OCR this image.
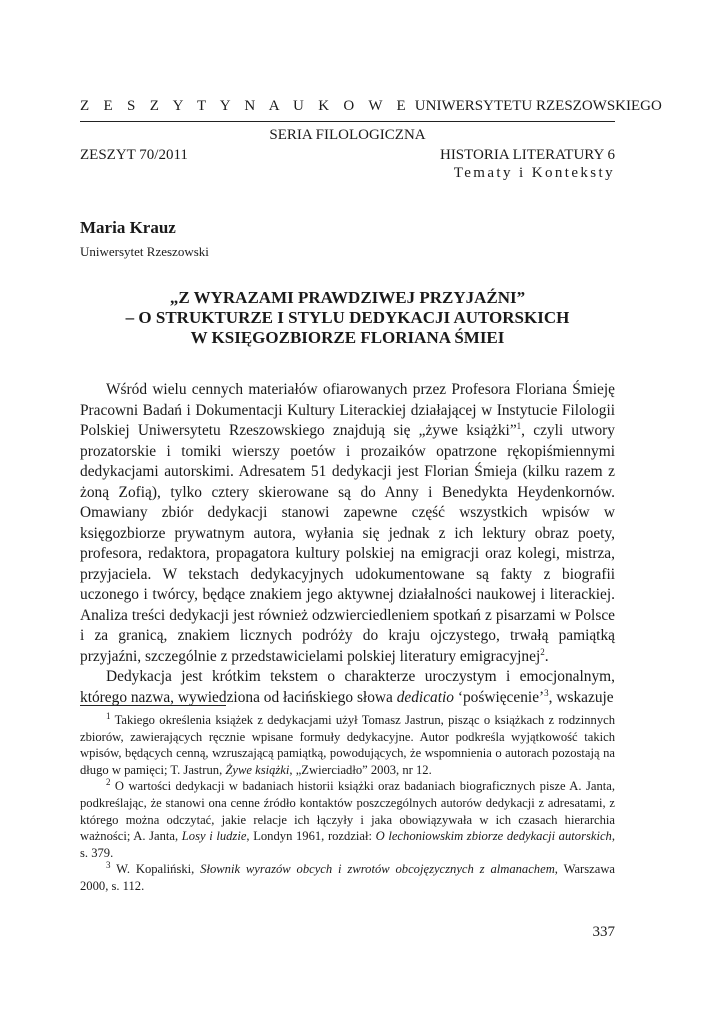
Z E S Z Y T Y N A U K O W E UNIWERSYTETU RZESZOWSKIEGO
SERIA FILOLOGICZNA
ZESZYT 70/2011	HISTORIA LITERATURY 6
Tematy i Konteksty
Maria Krauz
Uniwersytet Rzeszowski
„Z WYRAZAMI PRAWDZIWEJ PRZYJAŹNI”
– O STRUKTURZE I STYLU DEDYKACJI AUTORSKICH
W KSIĘGOZBIORZE FLORIANA ŚMIEI

Wśród wielu cennych materiałów ofiarowanych przez Profesora Floriana Śmieję Pracowni Badań i Dokumentacji Kultury Literackiej działającej w Instytucie Filologii Polskiej Uniwersytetu Rzeszowskiego znajdują się „żywe książki”$^1$, czyli utwory prozatorskie i tomiki wierszy poetów i prozaików opatrzone rękopiśmiennymi dedykacjami autorskimi. Adresatem 51 dedykacji jest Florian Śmieja (kilku razem z żoną Zofią), tylko cztery skierowane są do Anny i Benedykta Heydenkornów. Omawiany zbiór dedykacji stanowi zapewne część wszystkich wpisów w księgozbiorze prywatnym autora, wyłania się jednak z ich lektury obraz poety, profesora, redaktora, propagatora kultury polskiej na emigracji oraz kolegi, mistrza, przyjaciela. W tekstach dedykacyjnych udokumentowane są fakty z biografii uczonego i twórcy, będące znakiem jego aktywnej działalności naukowej i literackiej. Analiza treści dedykacji jest również odzwierciedleniem spotkań z pisarzami w Polsce i za granicą, znakiem licznych podróży do kraju ojczystego, trwałą pamiątką przyjaźni, szczególnie z przedstawicielami polskiej literatury emigracyjnej$^2$.

Dedykacja jest krótkim tekstem o charakterze uroczystym i emocjonalnym, którego nazwa, wywiedziona od łacińskiego słowa dedicatio ‘poświęcenie’$^3$, wskazuje

$^1$ Takiego określenia książek z dedykacjami użył Tomasz Jastrun, pisząc o książkach z rodzinnych zbiorów, zawierających ręcznie wpisane formuły dedykacyjne. Autor podkreśla wyjątkowość takich wpisów, będących cenną, wzruszającą pamiątką, powodujących, że wspomnienia o autorach pozostają na długo w pamięci; T. Jastrun, Żywe książki, „Zwierciadło” 2003, nr 12.

$^2$ O wartości dedykacji w badaniach historii książki oraz badaniach biograficznych pisze A. Janta, podkreślając, że stanowi ona cenne źródło kontaktów poszczególnych autorów dedykacji z adresatami, z którego można odczytać, jakie relacje ich łączyły i jaka obowiązywała w ich czasach hierarchia ważności; A. Janta, Losy i ludzie, Londyn 1961, rozdział: O lechoniowskim zbiorze dedykacji autorskich, s. 379.

$^3$ W. Kopaliński, Słownik wyrazów obcych i zwrotów obcojęzycznych z almanachem, Warszawa 2000, s. 112.

337
